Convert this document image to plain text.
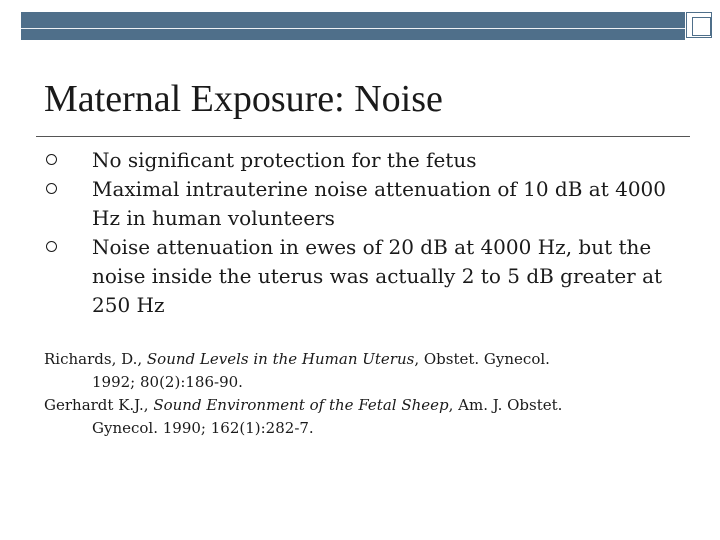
Maternal Exposure: Noise
No significant protection for the fetus
Maximal intrauterine noise attenuation of 10 dB at 4000 Hz in human volunteers
Noise attenuation in ewes of 20 dB at 4000 Hz, but the noise inside the uterus was actually 2 to 5 dB greater at 250 Hz

Richards, D., Sound Levels in the Human Uterus, Obstet. Gynecol.
1992; 80(2):186-90.

Gerhardt K.J., Sound Environment of the Fetal Sheep, Am. J. Obstet.
Gynecol. 1990; 162(1):282-7.
